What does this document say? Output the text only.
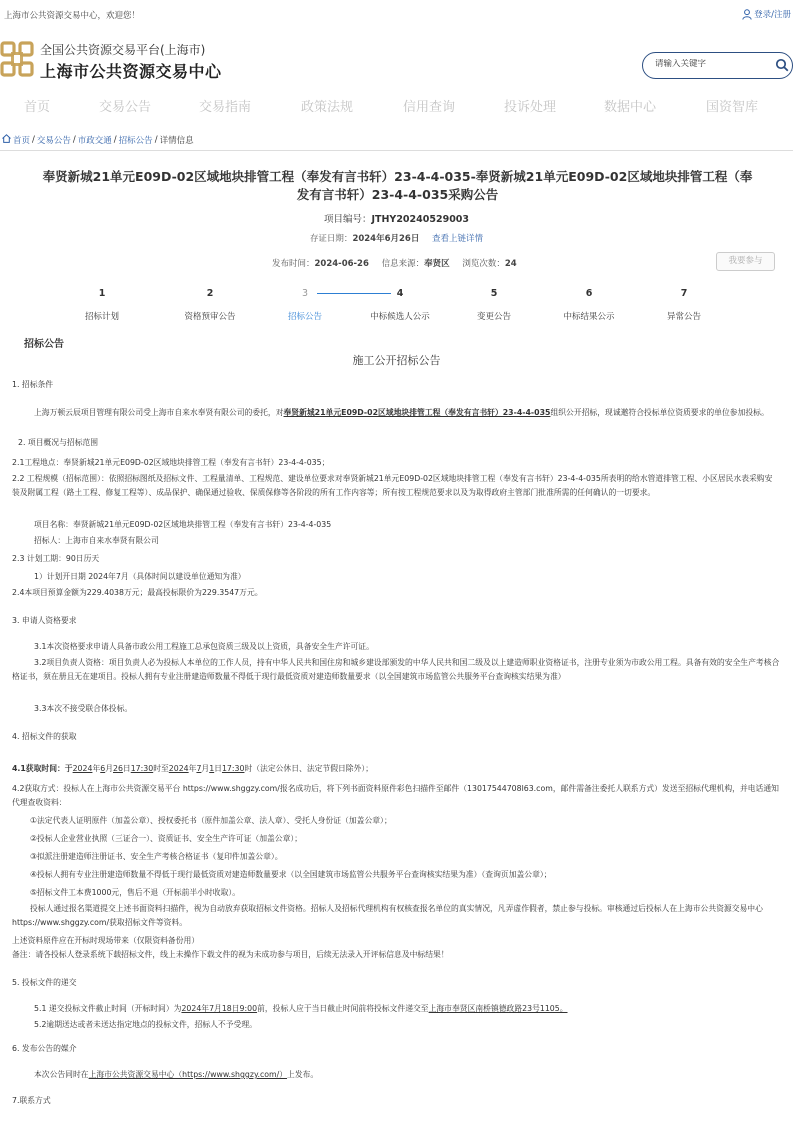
上海市公共资源交易中心，欢迎您！	登录/注册
全国公共资源交易平台(上海市)
上海市公共资源交易中心
请输入关键字
首页	交易公告	交易指南	政策法规	信用查询	投诉处理	数据中心	国资智库
首页 / 交易公告 / 市政交通 / 招标公告 / 详情信息
奉贤新城21单元E09D-02区域地块排管工程（奉发有言书轩）23-4-4-035-奉贤新城21单元E09D-02区域地块排管工程（奉发有言书轩）23-4-4-035采购公告
项目编号：JTHY20240529003
存证日期：2024年6月26日 查看上链详情
发布时间：2024-06-26 信息来源：奉贤区 浏览次数：24	我要参与
1
招标计划
2
资格预审公告
3
招标公告
4
中标候选人公示
5
变更公告
6
中标结果公示
7
异常公告
招标公告
施工公开招标公告

1. 招标条件

上海万顿云辰项目管理有限公司受上海市自来水奉贤有限公司的委托，对奉贤新城21单元E09D-02区域地块排管工程（奉发有言书轩）23-4-4-035组织公开招标，现诚邀符合投标单位资质要求的单位参加投标。

2. 项目概况与招标范围

2.1工程地点：奉贤新城21单元E09D-02区域地块排管工程（奉发有言书轩）23-4-4-035；

2.2 工程规模（招标范围）：依照招标图纸及招标文件、工程量清单、工程规范、建设单位要求对奉贤新城21单元E09D-02区域地块排管工程（奉发有言书轩）23-4-4-035所表明的给水管道排管工程、小区居民水表采购安装及附属工程（路土工程、修复工程等）、成品保护、确保通过验收、保质保修等各阶段的所有工作内容等；所有按工程规范要求以及为取得政府主管部门批准所需的任何确认的一切要求。

项目名称：奉贤新城21单元E09D-02区域地块排管工程（奉发有言书轩）23-4-4-035

招标人：上海市自来水奉贤有限公司

2.3 计划工期：90日历天

1）计划开日期 2024年7月（具体时间以建设单位通知为准）

2.4本项目预算金额为229.4038万元；最高投标限价为229.3547万元。

3. 申请人资格要求

3.1本次资格要求申请人具备市政公用工程施工总承包资质三级及以上资质，具备安全生产许可证。

3.2项目负责人资格：项目负责人必为投标人本单位的工作人员，持有中华人民共和国住房和城乡建设部颁发的中华人民共和国二级及以上建造师职业资格证书，注册专业须为市政公用工程。具备有效的安全生产考核合格证书，须在册且无在建项目。投标人拥有专业注册建造师数量不得低于现行最低资质对建造师数量要求（以全国建筑市场监管公共服务平台查询核实结果为准）

3.3本次不接受联合体投标。

4. 招标文件的获取

4.1获取时间：于2024年6月26日17:30时至2024年7月1日17:30时（法定公休日、法定节假日除外）；

4.2获取方式：投标人在上海市公共资源交易平台 https://www.shggzy.com/报名成功后，将下列书面资料原件彩色扫描件至邮件（13017544708l63.com，邮件需备注委托人联系方式）发送至招标代理机构，并电话通知代理查收资料：

①法定代表人证明原件（加盖公章）、授权委托书（原件加盖公章、法人章）、受托人身份证（加盖公章）；

②投标人企业营业执照（三证合一）、资质证书、安全生产许可证（加盖公章）；

③拟派注册建造师注册证书、安全生产考核合格证书（复印件加盖公章）。

④投标人拥有专业注册建造师数量不得低于现行最低资质对建造师数量要求（以全国建筑市场监管公共服务平台查询核实结果为准）（查询页加盖公章）；

⑤招标文件工本费1000元，售后不退（开标前半小时收取）。

投标人通过报名渠道提交上述书面资料扫描件，视为自动放弃获取招标文件资格。招标人及招标代理机构有权核查报名单位的真实情况，凡弄虚作假者，禁止参与投标。审核通过后投标人在上海市公共资源交易中心 https://www.shggzy.com/获取招标文件等资料。

上述资料原件应在开标时现场带来（仅限资料备份用）

备注：请各投标人登录系统下载招标文件，线上未操作下载文件的视为未成功参与项目，后续无法录入开评标信息及中标结果！

5. 投标文件的递交

5.1 递交投标文件截止时间（开标时间）为2024年7月18日9:00前，投标人应于当日截止时间前将投标文件递交至上海市奉贤区南桥镇德政路23号1105。

5.2逾期送达或者未送达指定地点的投标文件，招标人不予受理。

6. 发布公告的媒介

本次公告同时在上海市公共资源交易中心（https://www.shggzy.com/）上发布。

7.联系方式
